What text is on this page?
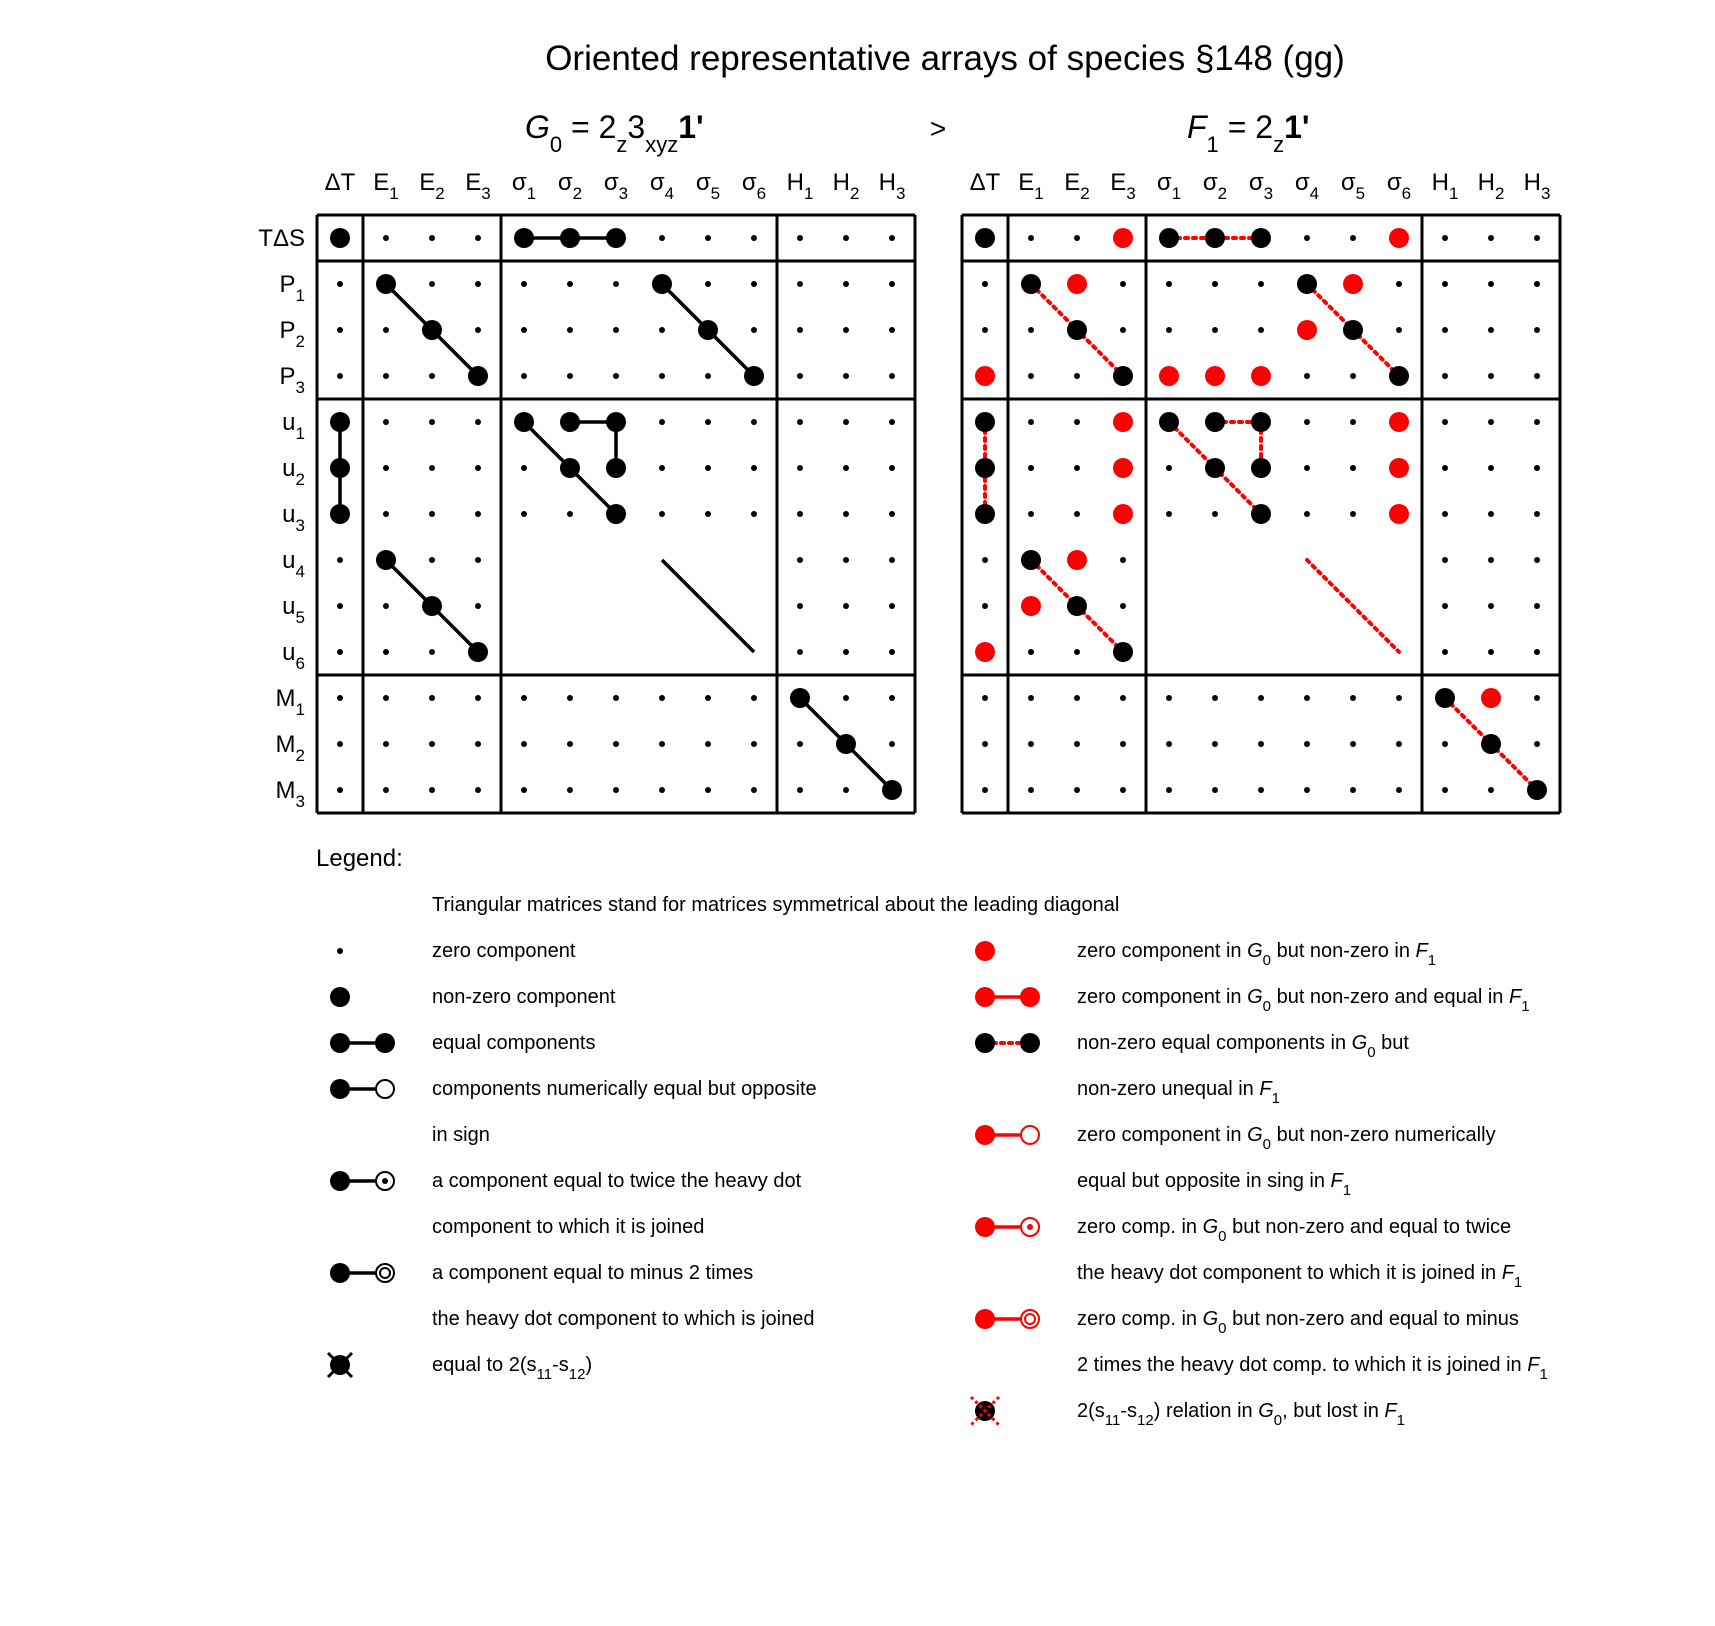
Oriented representative arrays of species §148 (gg)
>
$G_0 = 2_z3_{xyz}1'$	$F_1 = 2_z1'$
ΔT $E_1$ $E_2$ $E_3$ $\sigma_1$ $\sigma_2$ $\sigma_3$ $\sigma_4$ $\sigma_5$ $\sigma_6$ $H_1$ $H_2$ $H_3$
TΔS
$P_1$
$P_2$
$P_3$
$u_1$
$u_2$
$u_3$
$u_4$
$u_5$
$u_6$
$M_1$
$M_2$
$M_3$
ΔT $E_1$ $E_2$ $E_3$ $\sigma_1$ $\sigma_2$ $\sigma_3$ $\sigma_4$ $\sigma_5$ $\sigma_6$ $H_1$ $H_2$ $H_3$
Legend:
Triangular matrices stand for matrices symmetrical about the leading diagonal
zero component
non-zero component
equal components
components numerically equal but opposite
in sign
a component equal to twice the heavy dot
component to which it is joined
a component equal to minus 2 times
the heavy dot component to which is joined
equal to $2(s_{11}-s_{12})$
zero component in $G_0$ but non-zero in $F_1$
zero component in $G_0$ but non-zero and equal in $F_1$
non-zero equal components in $G_0$ but
non-zero unequal in $F_1$
zero component in $G_0$ but non-zero numerically
equal but opposite in sing in $F_1$
zero comp. in $G_0$ but non-zero and equal to twice
the heavy dot component to which it is joined in $F_1$
zero comp. in $G_0$ but non-zero and equal to minus
2 times the heavy dot comp. to which it is joined in $F_1$
$2(s_{11}-s_{12})$ relation in $G_0$, but lost in $F_1$
